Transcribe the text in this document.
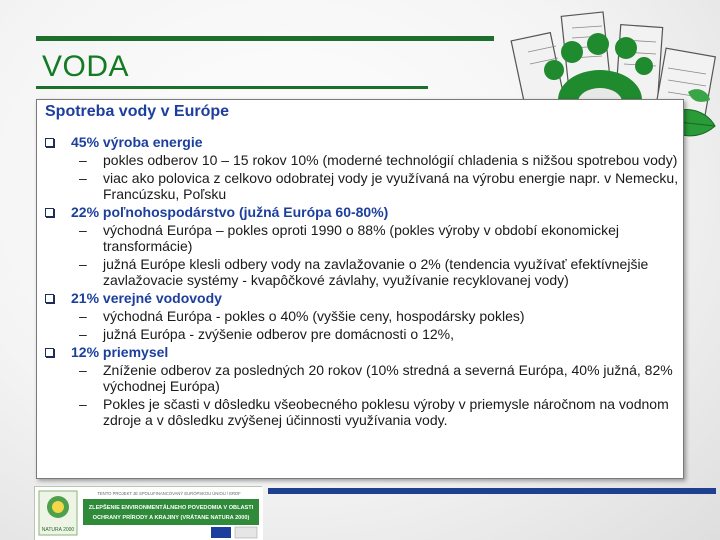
VODA
Spotreba vody v Európe
45% výroba energie
– pokles odberov 10 – 15 rokov 10% (moderné technológií chladenia s nižšou spotrebou vody)
– viac ako polovica z celkovo odobratej vody je využívaná na výrobu energie napr. v Nemecku, Francúzsku, Poľsku
22% poľnohospodárstvo (južná Európa 60-80%)
– východná Európa – pokles oproti 1990 o 88% (pokles výroby v období ekonomickej transformácie)
– južná Európe klesli odbery vody na zavlažovanie o 2% (tendencia využívať efektívnejšie zavlažovacie systémy - kvapôčkové závlahy, využívanie recyklovanej vody)
21% verejné vodovody
– východná Európa - pokles o 40% (vyššie ceny, hospodársky pokles)
– južná Európa - zvýšenie odberov pre domácnosti o 12%,
12% priemysel
– Zníženie odberov za posledných 20 rokov (10% stredná a severná Európa, 40% južná, 82% východnej Európa)
– Pokles je sčasti v dôsledku všeobecného poklesu výroby v priemysle náročnom na vodnom zdroje a v dôsledku zvýšenej účinnosti využívania vody.
NATURA 2000
TENTO PROJEKT JE SPOLUFINANCOVANÝ EURÓPSKOU ÚNIOU / ERDF
ZLEPŠENIE ENVIRONMENTÁLNEHO POVEDOMIA V OBLASTI
OCHRANY PRÍRODY A KRAJINY (VRÁTANE NATURA 2000)
